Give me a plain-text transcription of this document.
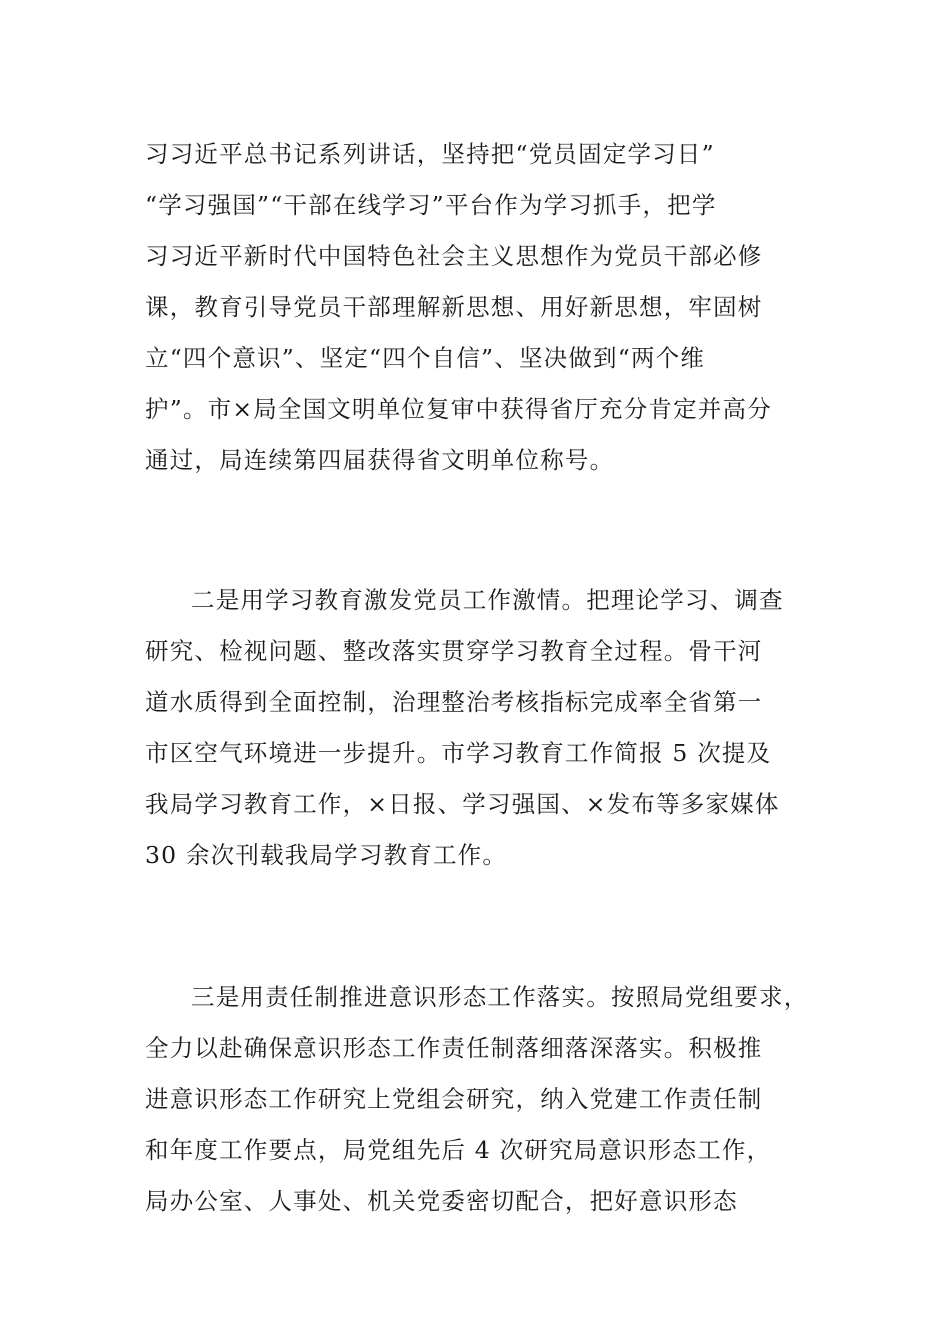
习习近平总书记系列讲话，坚持把“党员固定学习日”
“学习强国”“干部在线学习”平台作为学习抓手，把学
习习近平新时代中国特色社会主义思想作为党员干部必修
课，教育引导党员干部理解新思想、用好新思想，牢固树
立“四个意识”、坚定“四个自信”、坚决做到“两个维
护”。市×局全国文明单位复审中获得省厅充分肯定并高分
通过，局连续第四届获得省文明单位称号。
二是用学习教育激发党员工作激情。把理论学习、调查
研究、检视问题、整改落实贯穿学习教育全过程。骨干河
道水质得到全面控制，治理整治考核指标完成率全省第一
市区空气环境进一步提升。市学习教育工作简报 5 次提及
我局学习教育工作，×日报、学习强国、×发布等多家媒体
30 余次刊载我局学习教育工作。
三是用责任制推进意识形态工作落实。按照局党组要求，
全力以赴确保意识形态工作责任制落细落深落实。积极推
进意识形态工作研究上党组会研究，纳入党建工作责任制
和年度工作要点，局党组先后 4 次研究局意识形态工作，
局办公室、人事处、机关党委密切配合，把好意识形态
